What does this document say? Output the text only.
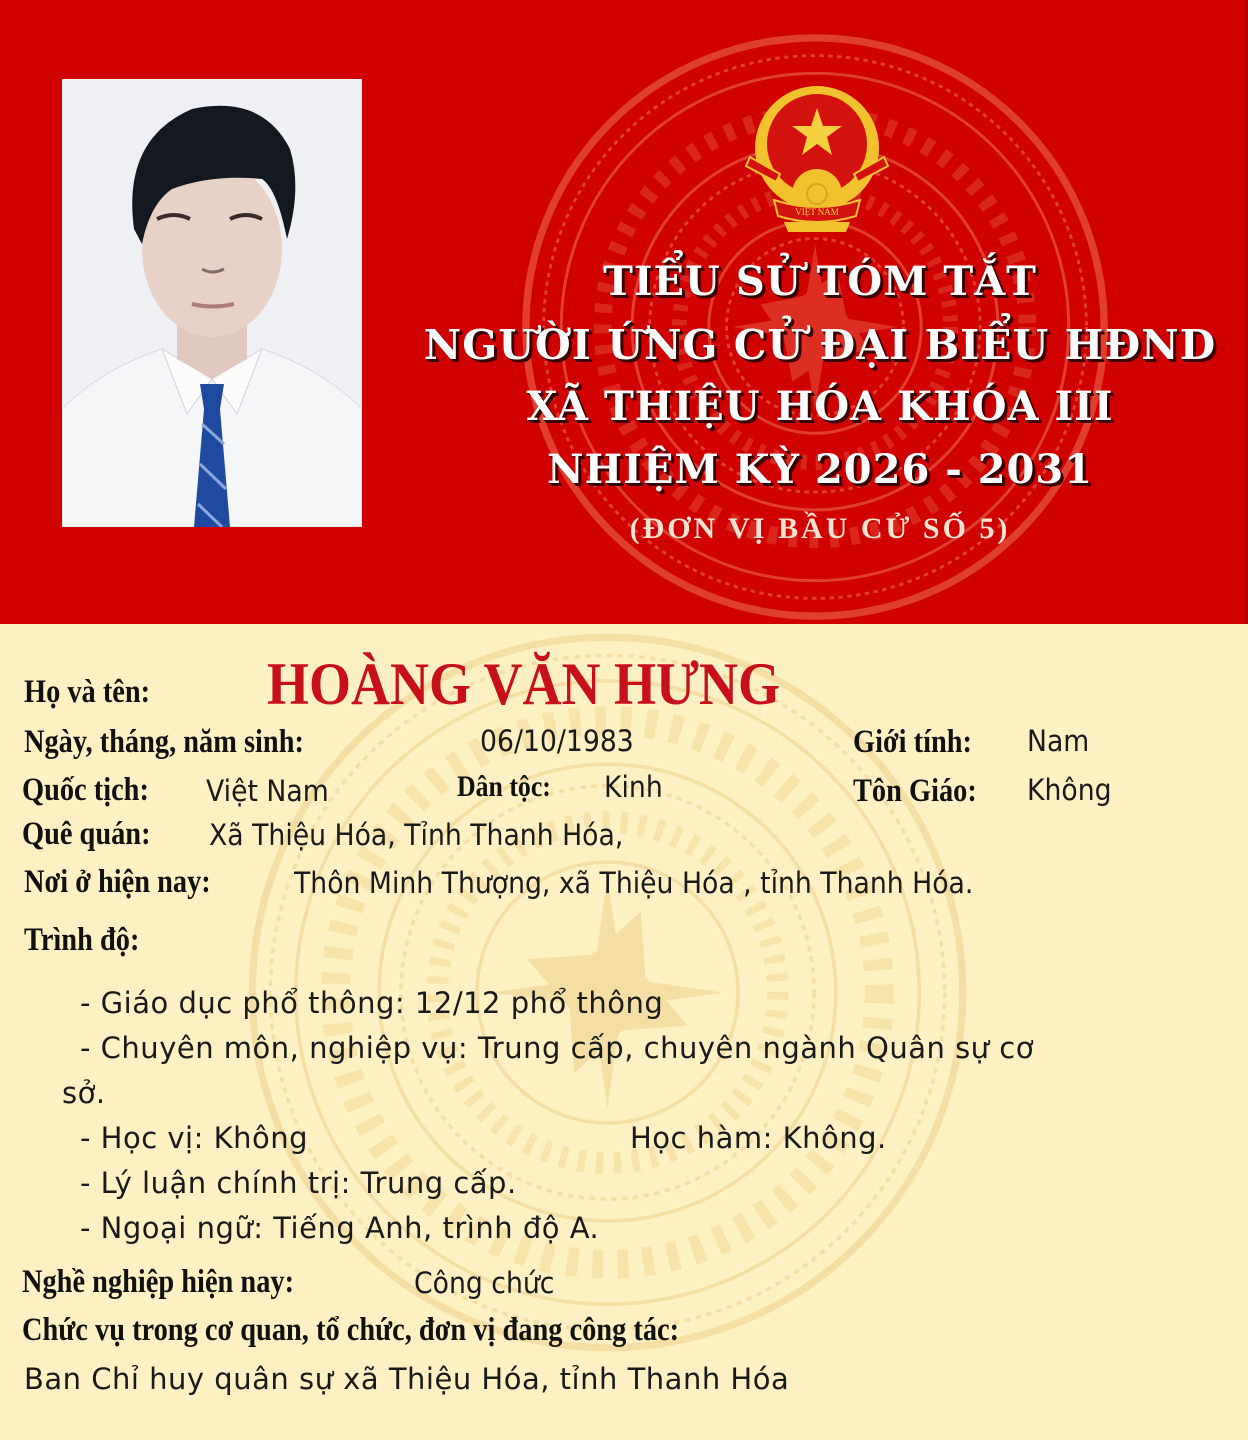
VIỆT NAM
TIỂU SỬ TÓM TẮT
NGƯỜI ỨNG CỬ ĐẠI BIỂU HĐND
XÃ THIỆU HÓA KHÓA III
NHIỆM KỲ 2026 - 2031
(ĐƠN VỊ BẦU CỬ SỐ 5)
Họ và tên: HOÀNG VĂN HƯNG
Ngày, tháng, năm sinh:	06/10/1983	Giới tính: Nam
Quốc tịch: Việt Nam	Dân tộc: Kinh	Tôn Giáo: Không
Quê quán: Xã Thiệu Hóa, Tỉnh Thanh Hóa,
Nơi ở hiện nay:	Thôn Minh Thượng, xã Thiệu Hóa , tỉnh Thanh Hóa.
Trình độ:
- Giáo dục phổ thông: 12/12 phổ thông
- Chuyên môn, nghiệp vụ: Trung cấp, chuyên ngành Quân sự cơ
sở.
- Học vị: Không	Học hàm: Không.
- Lý luận chính trị: Trung cấp.
- Ngoại ngữ: Tiếng Anh, trình độ A.
Nghề nghiệp hiện nay:	Công chức
Chức vụ trong cơ quan, tổ chức, đơn vị đang công tác:
Ban Chỉ huy quân sự xã Thiệu Hóa, tỉnh Thanh Hóa
